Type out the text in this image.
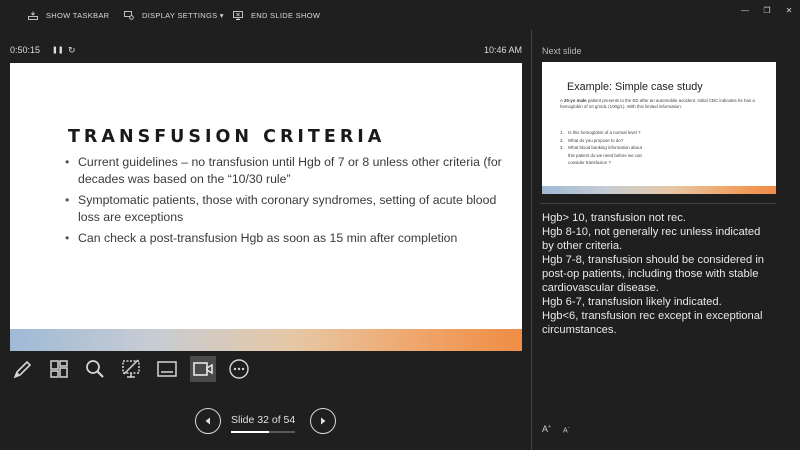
SHOW TASKBAR	DISPLAY SETTINGS ▾	END SLIDE SHOW
—	❐	✕
0:50:15 ❚❚ ↻	10:46 AM
TRANSFUSION CRITERIA
• Current guidelines – no transfusion until Hgb of 7 or 8 unless other criteria (for decades was based on the “10/30 rule”
• Symptomatic patients, those with coronary syndromes, setting of acute blood loss are exceptions
• Can check a post-transfusion Hgb as soon as 15 min after completion
Slide 32 of 54
Next slide
Example: Simple case study
A 25-yo male patient presents to the ED after an automobile accident. Initial CBC indicates he has a hemoglobin of 10 gm/dL (100g/L). With this limited information:
1. Is this hemoglobin of a normal level ?
2. What do you propose to do?
3. What blood banking information about
this patient do we need before we can
consider transfusion ?

Hgb> 10, transfusion not rec.

Hgb 8-10, not generally rec unless indicated by other criteria.

Hgb 7-8, transfusion should be considered in post-op patients, including those with stable cardiovascular disease.

Hgb 6-7, transfusion likely indicated.

Hgb<6, transfusion rec except in exceptional circumstances.

A+ A-
